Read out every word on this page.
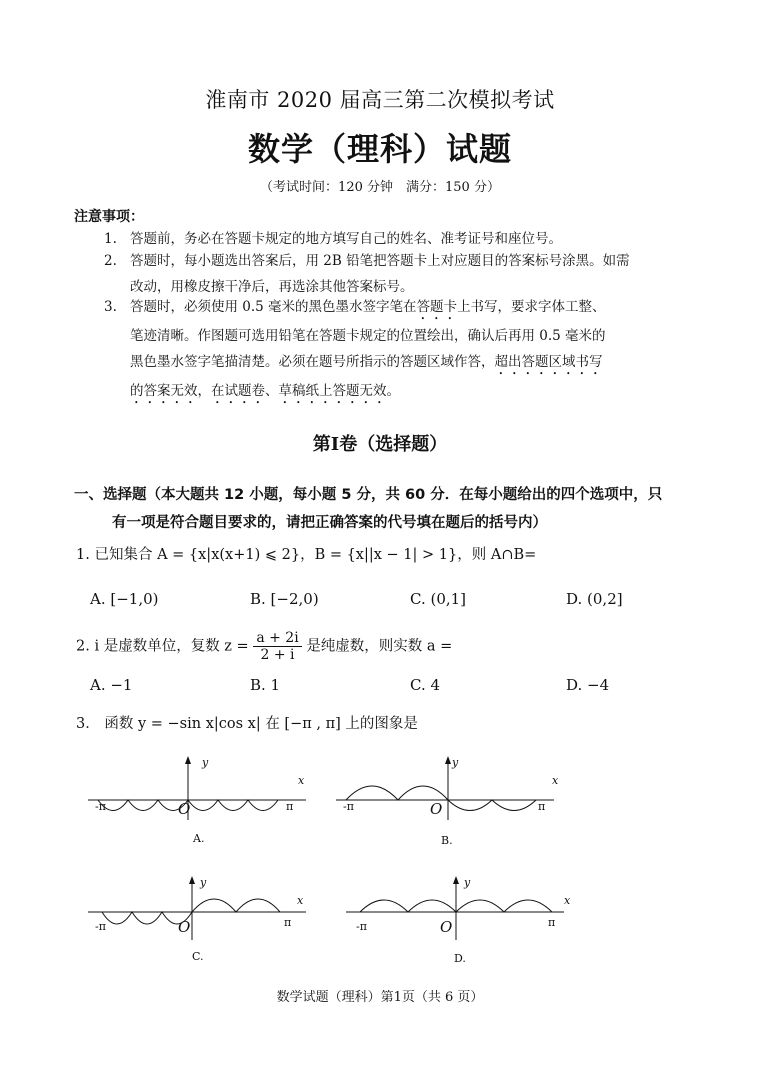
淮南市 2020 届高三第二次模拟考试
数学（理科）试题
（考试时间：120 分钟　满分：150 分）
注意事项：
1. 答题前，务必在答题卡规定的地方填写自己的姓名、准考证号和座位号。
2. 答题时，每小题选出答案后，用 2B 铅笔把答题卡上对应题目的答案标号涂黑。如需
改动，用橡皮擦干净后，再选涂其他答案标号。
3. 答题时，必须使用 0.5 毫米的黑色墨水签字笔在答题卡上书写，要求字体工整、
笔迹清晰。作图题可选用铅笔在答题卡规定的位置绘出，确认后再用 0.5 毫米的
黑色墨水签字笔描清楚。必须在题号所指示的答题区域作答，超出答题区域书写
的答案无效，在试题卷、草稿纸上答题无效。
第Ⅰ卷（选择题）
一、选择题（本大题共 12 小题，每小题 5 分，共 60 分．在每小题给出的四个选项中，只
有一项是符合题目要求的，请把正确答案的代号填在题后的括号内）
1. 已知集合 A = {x|x(x+1) ⩽ 2}，B = {x||x − 1| > 1}，则 A∩B=
A. [−1,0)	B. [−2,0)	C. (0,1]	D. (0,2]
2. i 是虚数单位，复数 $z = \frac{a + 2i}{2 + i}$ 是纯虚数，则实数 a =
A. −1	B. 1	C. 4	D. −4
3． 函数 y = −sin x|cos x| 在 [−π , π] 上的图象是
-π	π
O
y
x
A.
-π	π
O
y
x
B.
-π	π
O
y
x
C.
-π	π
O
y
x
D.
数学试题（理科）第1页（共 6 页）
